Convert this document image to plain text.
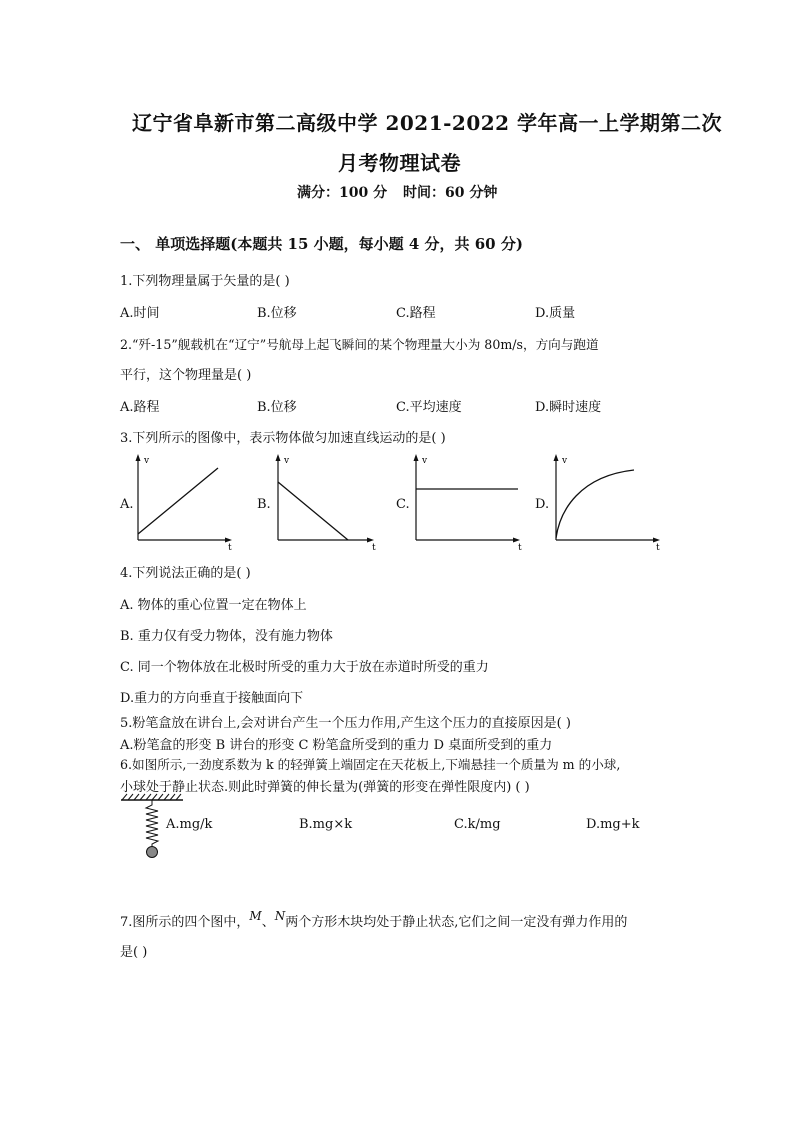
辽宁省阜新市第二高级中学 2021-2022 学年高一上学期第二次
月考物理试卷
满分：100 分 时间：60 分钟
一、 单项选择题(本题共 15 小题，每小题 4 分，共 60 分)
1.下列物理量属于矢量的是( )
A.时间	B.位移	C.路程	D.质量
2.“歼-15”舰载机在“辽宁”号航母上起飞瞬间的某个物理量大小为 80m/s，方向与跑道
平行，这个物理量是( )
A.路程	B.位移	C.平均速度	D.瞬时速度
3.下列所示的图像中，表示物体做匀加速直线运动的是( )
A.
v
t
B.
v
t
C.
v
t
D.
v
t
4.下列说法正确的是( )
A. 物体的重心位置一定在物体上
B. 重力仅有受力物体，没有施力物体
C. 同一个物体放在北极时所受的重力大于放在赤道时所受的重力
D.重力的方向垂直于接触面向下
5.粉笔盒放在讲台上,会对讲台产生一个压力作用,产生这个压力的直接原因是( )
A.粉笔盒的形变 B 讲台的形变 C 粉笔盒所受到的重力 D 桌面所受到的重力
6.如图所示,一劲度系数为 k 的轻弹簧上端固定在天花板上,下端悬挂一个质量为 m 的小球,
小球处于静止状态.则此时弹簧的伸长量为(弹簧的形变在弹性限度内) ( )
A.mg/k	B.mg×k	C.k/mg	D.mg+k
7.图所示的四个图中，M、N两个方形木块均处于静止状态,它们之间一定没有弹力作用的
是( )
